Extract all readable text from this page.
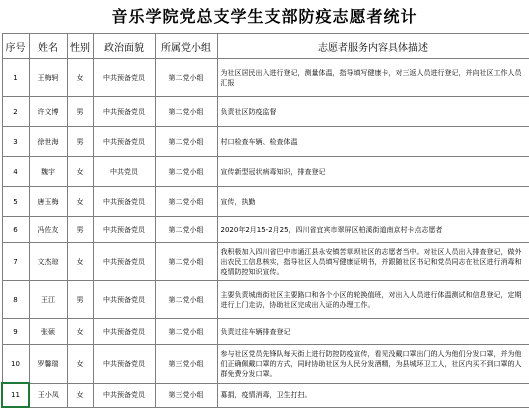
音乐学院党总支学生支部防疫志愿者统计
序号	姓名	性别	政治面貌	所属党小组	志愿者服务内容具体描述
1	王梅轲	女	中共预备党员	第二党小组	为社区居民出入进行登记，测量体温，指导填写健康卡，对三返人员进行登记，并向社区工作人员汇报
2	许文博	男	中共预备党员	第二党小组	负责社区防疫监督
3	徐世海	男	中共预备党员	第二党小组	村口检查车辆、检查体温
4	魏宇	女	中共党员	第二党小组	宣传新型冠状病毒知识，排查登记
5	唐玉梅	女	中共预备党员	第二党小组	宣传，执勤
6	冯佐友	男	中共预备党员	第二党小组	2020年2月15-2月25，四川省宜宾市翠屏区柏溪街道南京村卡点志愿者
7	文杰琼	女	中共预备党员	第二党小组	我积极加入四川省巴中市通江县永安镇苦草坝社区的志愿者当中。对社区人员出入排查登记，做外出农民工信息核实，指导社区人员填写健康证明书，并跟随社区书记和党员同志在社区进行消毒和疫情防控知识宣传。
8	王江	男	中共预备党员	第二党小组	主要负责城南街社区主要路口和各个小区的轮换值班，对出入人员进行体温测试和信息登记，定期进行上门走访，协助社区完成出入证的办理工作。
9	张硕	女	中共预备党员	第二党小组	负责过往车辆排查登记
10	罗馨瑞	女	中共预备党员	第三党小组	参与社区党员先锋队每天街上进行防控防疫宣传，看见没戴口罩出门的人为他们分发口罩，并为他们正确佩戴口罩的方式，同时协助社区为人民分发酒精，为县城环卫工人，社区内买不到口罩的人群免费分发口罩。
11	王小凤	女	中共预备党员	第三党小组	募捐，疫情消毒，卫生打扫。
